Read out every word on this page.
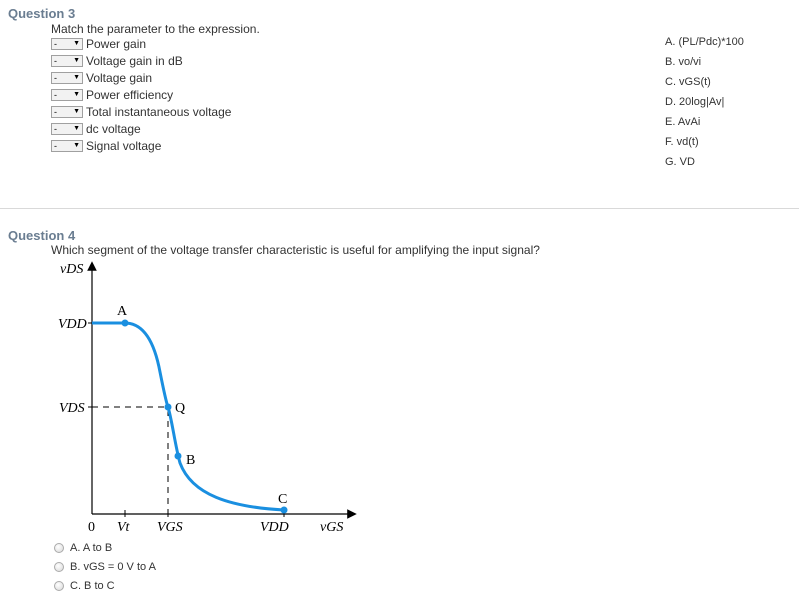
Question 3
Match the parameter to the expression.
- ▼ Power gain
- ▼ Voltage gain in dB
- ▼ Voltage gain
- ▼ Power efficiency
- ▼ Total instantaneous voltage
- ▼ dc voltage
- ▼ Signal voltage
A. (PL/Pdc)*100
B. vo/vi
C. vGS(t)
D. 20log|Av|
E. AvAi
F. vd(t)
G. VD
Question 4
Which segment of the voltage transfer characteristic is useful for amplifying the input signal?
vDS
VDD
VDS
A
Q
B
C
0 Vt VGS	VDD vGS
A. A to B
B. vGS = 0 V to A
C. B to C
